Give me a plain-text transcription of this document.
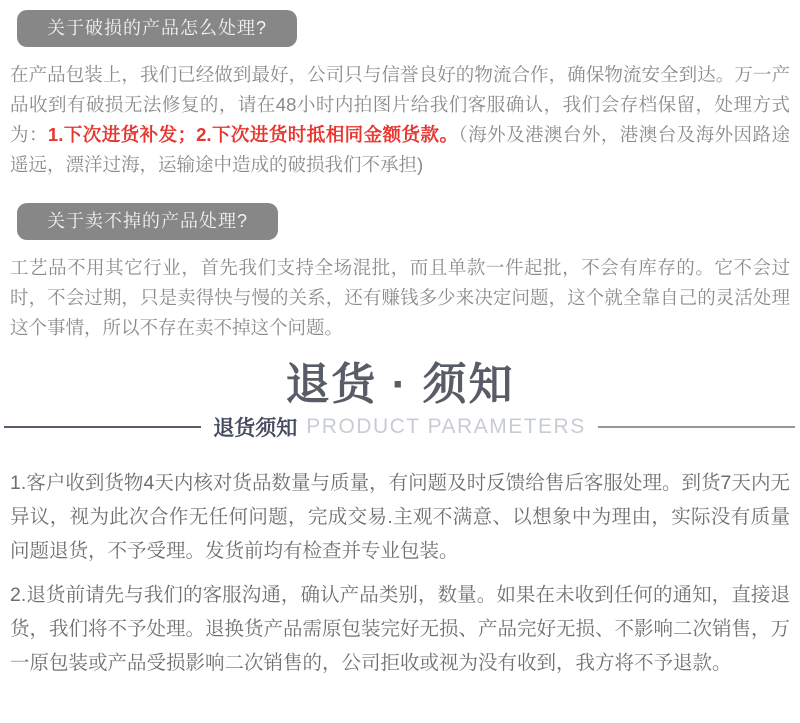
关于破损的产品怎么处理?

在产品包装上，我们已经做到最好，公司只与信誉良好的物流合作，确保物流安全到达。万一产品收到有破损无法修复的，请在48小时内拍图片给我们客服确认，我们会存档保留，处理方式为：1.下次进货补发；2.下次进货时抵相同金额货款。（海外及港澳台外，港澳台及海外因路途遥远，漂洋过海，运输途中造成的破损我们不承担)

关于卖不掉的产品处理?

工艺品不用其它行业，首先我们支持全场混批，而且单款一件起批，不会有库存的。它不会过时，不会过期，只是卖得快与慢的关系，还有赚钱多少来决定问题，这个就全靠自己的灵活处理这个事情，所以不存在卖不掉这个问题。

退货 · 须知
退货须知 PRODUCT PARAMETERS

1.客户收到货物4天内核对货品数量与质量，有问题及时反馈给售后客服处理。到货7天内无异议，视为此次合作无任何问题，完成交易.主观不满意、以想象中为理由，实际没有质量问题退货，不予受理。发货前均有检查并专业包装。

2.退货前请先与我们的客服沟通，确认产品类别，数量。如果在未收到任何的通知，直接退货，我们将不予处理。退换货产品需原包装完好无损、产品完好无损、不影响二次销售，万一原包装或产品受损影响二次销售的，公司拒收或视为没有收到，我方将不予退款。
